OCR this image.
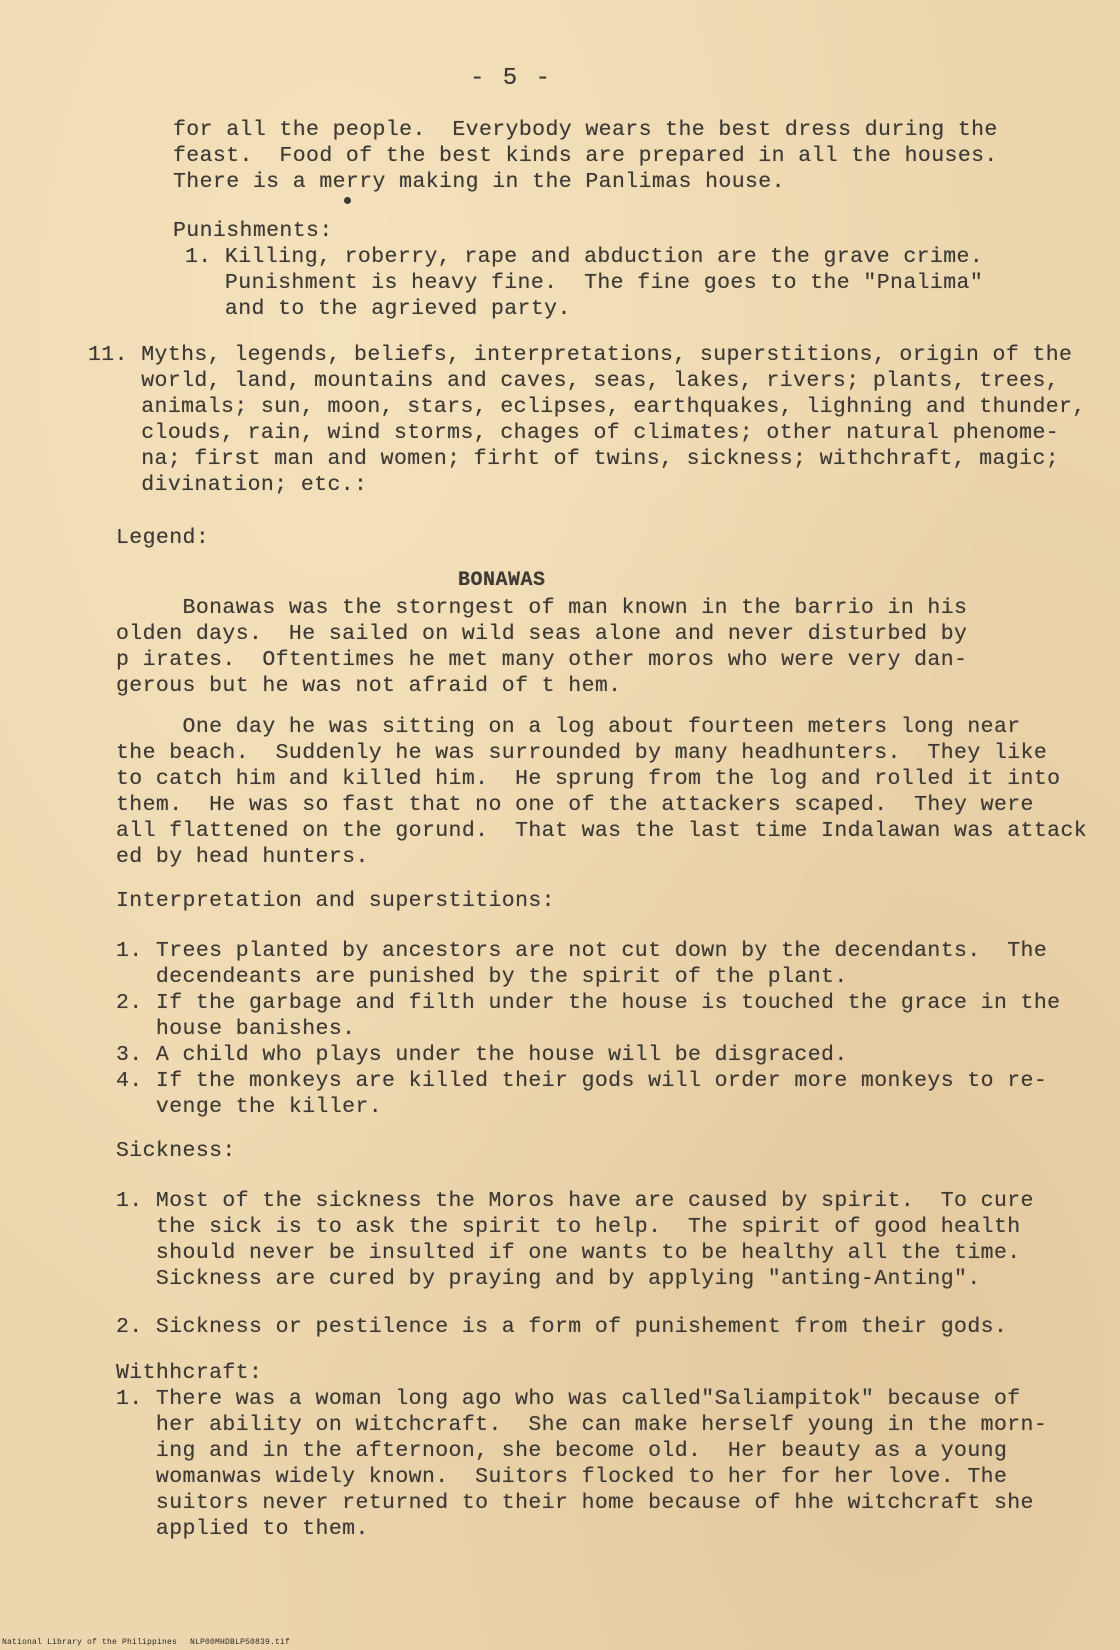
- 5 -
for all the people.  Everybody wears the best dress during the
feast.  Food of the best kinds are prepared in all the houses.
There is a merry making in the Panlimas house.
Punishments:
1. Killing, roberry, rape and abduction are the grave crime.
Punishment is heavy fine.  The fine goes to the "Pnalima"
and to the agrieved party.
11. Myths, legends, beliefs, interpretations, superstitions, origin of the
world, land, mountains and caves, seas, lakes, rivers; plants, trees,
animals; sun, moon, stars, eclipses, earthquakes, lighning and thunder,
clouds, rain, wind storms, chages of climates; other natural phenome-
na; first man and women; firht of twins, sickness; withchraft, magic;
divination; etc.:
Legend:
BONAWAS
Bonawas was the storngest of man known in the barrio in his
olden days.  He sailed on wild seas alone and never disturbed by
p irates.  Oftentimes he met many other moros who were very dan-
gerous but he was not afraid of t hem.
One day he was sitting on a log about fourteen meters long near
the beach.  Suddenly he was surrounded by many headhunters.  They like
to catch him and killed him.  He sprung from the log and rolled it into
them.  He was so fast that no one of the attackers scaped.  They were
all flattened on the gorund.  That was the last time Indalawan was attack
ed by head hunters.
Interpretation and superstitions:
1. Trees planted by ancestors are not cut down by the decendants.  The
decendeants are punished by the spirit of the plant.
2. If the garbage and filth under the house is touched the grace in the
house banishes.
3. A child who plays under the house will be disgraced.
4. If the monkeys are killed their gods will order more monkeys to re-
venge the killer.
Sickness:
1. Most of the sickness the Moros have are caused by spirit.  To cure
the sick is to ask the spirit to help.  The spirit of good health
should never be insulted if one wants to be healthy all the time.
Sickness are cured by praying and by applying "anting-Anting".
2. Sickness or pestilence is a form of punishement from their gods.
Withhcraft:
1. There was a woman long ago who was called"Saliampitok" because of
her ability on witchcraft.  She can make herself young in the morn-
ing and in the afternoon, she become old.  Her beauty as a young
womanwas widely known.  Suitors flocked to her for her love. The
suitors never returned to their home because of hhe witchcraft she
applied to them.
National Library of the Philippines NLP00MHDBLP50839.tif
